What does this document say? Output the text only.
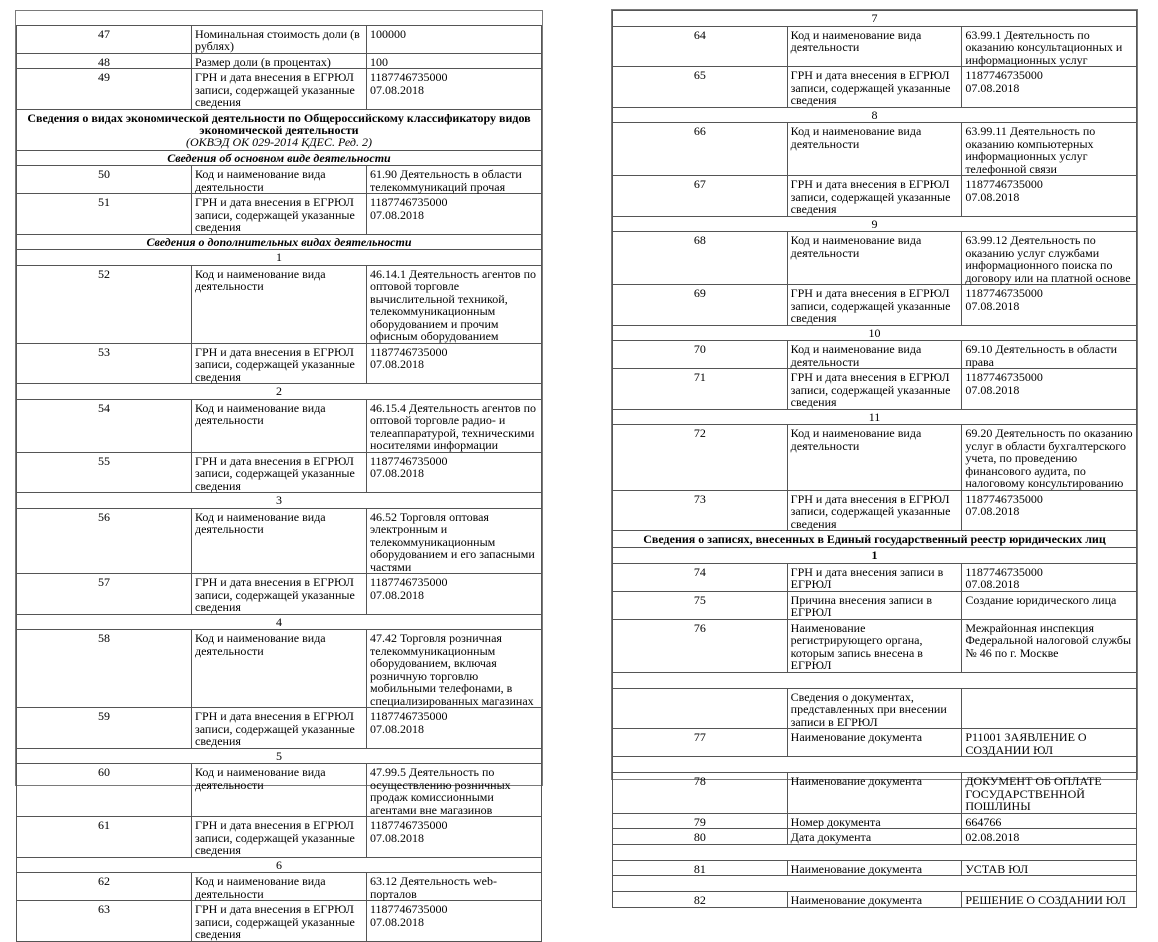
47	Номинальная стоимость доли (в рублях)	100000
48	Размер доли (в процентах)	100
49	ГРН и дата внесения в ЕГРЮЛ записи, содержащей указанные сведения	1187746735000
07.08.2018
Сведения о видах экономической деятельности по Общероссийскому классификатору видов экономической деятельности
(ОКВЭД ОК 029-2014 КДЕС. Ред. 2)		

Сведения об основном виде деятельности		
50	Код и наименование вида деятельности	61.90 Деятельность в области телекоммуникаций прочая
51	ГРН и дата внесения в ЕГРЮЛ записи, содержащей указанные сведения	1187746735000
07.08.2018
Сведения о дополнительных видах деятельности		
1		
52	Код и наименование вида деятельности	46.14.1 Деятельность агентов по оптовой торговле вычислительной техникой, телекоммуникационным оборудованием и прочим офисным оборудованием
53	ГРН и дата внесения в ЕГРЮЛ записи, содержащей указанные сведения	1187746735000
07.08.2018
2		
54	Код и наименование вида деятельности	46.15.4 Деятельность агентов по оптовой торговле радио- и телеаппаратурой, техническими носителями информации
55	ГРН и дата внесения в ЕГРЮЛ записи, содержащей указанные сведения	1187746735000
07.08.2018
3		
56	Код и наименование вида деятельности	46.52 Торговля оптовая электронным и телекоммуникационным оборудованием и его запасными частями
57	ГРН и дата внесения в ЕГРЮЛ записи, содержащей указанные сведения	1187746735000
07.08.2018
4		
58	Код и наименование вида деятельности	47.42 Торговля розничная телекоммуникационным оборудованием, включая розничную торговлю мобильными телефонами, в специализированных магазинах
59	ГРН и дата внесения в ЕГРЮЛ записи, содержащей указанные сведения	1187746735000
07.08.2018
5		
60	Код и наименование вида деятельности	47.99.5 Деятельность по осуществлению розничных продаж комиссионными агентами вне магазинов
61	ГРН и дата внесения в ЕГРЮЛ записи, содержащей указанные сведения	1187746735000
07.08.2018
6		
62	Код и наименование вида деятельности	63.12 Деятельность web-порталов
63	ГРН и дата внесения в ЕГРЮЛ записи, содержащей указанные сведения	1187746735000
07.08.2018
7		
64	Код и наименование вида деятельности	63.99.1 Деятельность по оказанию консультационных и информационных услуг
65	ГРН и дата внесения в ЕГРЮЛ записи, содержащей указанные сведения	1187746735000
07.08.2018
8		
66	Код и наименование вида деятельности	63.99.11 Деятельность по оказанию компьютерных информационных услуг телефонной связи
67	ГРН и дата внесения в ЕГРЮЛ записи, содержащей указанные сведения	1187746735000
07.08.2018
9		
68	Код и наименование вида деятельности	63.99.12 Деятельность по оказанию услуг службами информационного поиска по договору или на платной основе
69	ГРН и дата внесения в ЕГРЮЛ записи, содержащей указанные сведения	1187746735000
07.08.2018
10		
70	Код и наименование вида деятельности	69.10 Деятельность в области права
71	ГРН и дата внесения в ЕГРЮЛ записи, содержащей указанные сведения	1187746735000
07.08.2018
11		
72	Код и наименование вида деятельности	69.20 Деятельность по оказанию услуг в области бухгалтерского учета, по проведению финансового аудита, по налоговому консультированию
73	ГРН и дата внесения в ЕГРЮЛ записи, содержащей указанные сведения	1187746735000
07.08.2018
Сведения о записях, внесенных в Единый государственный реестр юридических лиц		
1		
74	ГРН и дата внесения записи в ЕГРЮЛ	1187746735000
07.08.2018
75	Причина внесения записи в ЕГРЮЛ	Создание юридического лица
76	Наименование регистрирующего органа, которым запись внесена в ЕГРЮЛ	Межрайонная инспекция Федеральной налоговой службы № 46 по г. Москве

	Сведения о документах, представленных при внесении записи в ЕГРЮЛ	
77	Наименование документа	Р11001 ЗАЯВЛЕНИЕ О СОЗДАНИИ ЮЛ

78	Наименование документа	ДОКУМЕНТ ОБ ОПЛАТЕ ГОСУДАРСТВЕННОЙ ПОШЛИНЫ
79	Номер документа	664766
80	Дата документа	02.08.2018

81	Наименование документа	УСТАВ ЮЛ

82	Наименование документа	РЕШЕНИЕ О СОЗДАНИИ ЮЛ
